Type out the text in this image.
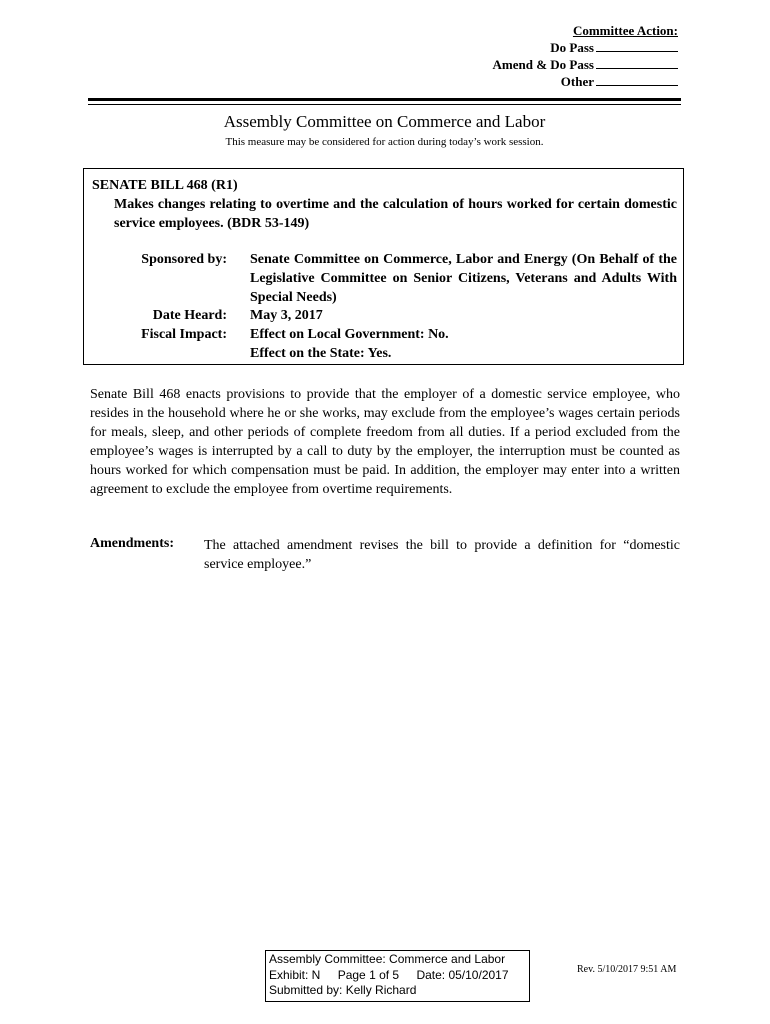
Committee Action:
Do Pass
Amend & Do Pass
Other
Assembly Committee on Commerce and Labor
This measure may be considered for action during today’s work session.
SENATE BILL 468 (R1)
Makes changes relating to overtime and the calculation of hours worked for certain domestic service employees. (BDR 53-149)
Sponsored by: Senate Committee on Commerce, Labor and Energy (On Behalf of the Legislative Committee on Senior Citizens, Veterans and Adults With Special Needs)
Date Heard: May 3, 2017
Fiscal Impact: Effect on Local Government: No.
Effect on the State: Yes.
Senate Bill 468 enacts provisions to provide that the employer of a domestic service employee, who resides in the household where he or she works, may exclude from the employee’s wages certain periods for meals, sleep, and other periods of complete freedom from all duties. If a period excluded from the employee’s wages is interrupted by a call to duty by the employer, the interruption must be counted as hours worked for which compensation must be paid. In addition, the employer may enter into a written agreement to exclude the employee from overtime requirements.
Amendments: The attached amendment revises the bill to provide a definition for “domestic service employee.”
Assembly Committee: Commerce and Labor
Exhibit: N Page 1 of 5 Date: 05/10/2017
Submitted by: Kelly Richard
Rev. 5/10/2017 9:51 AM
